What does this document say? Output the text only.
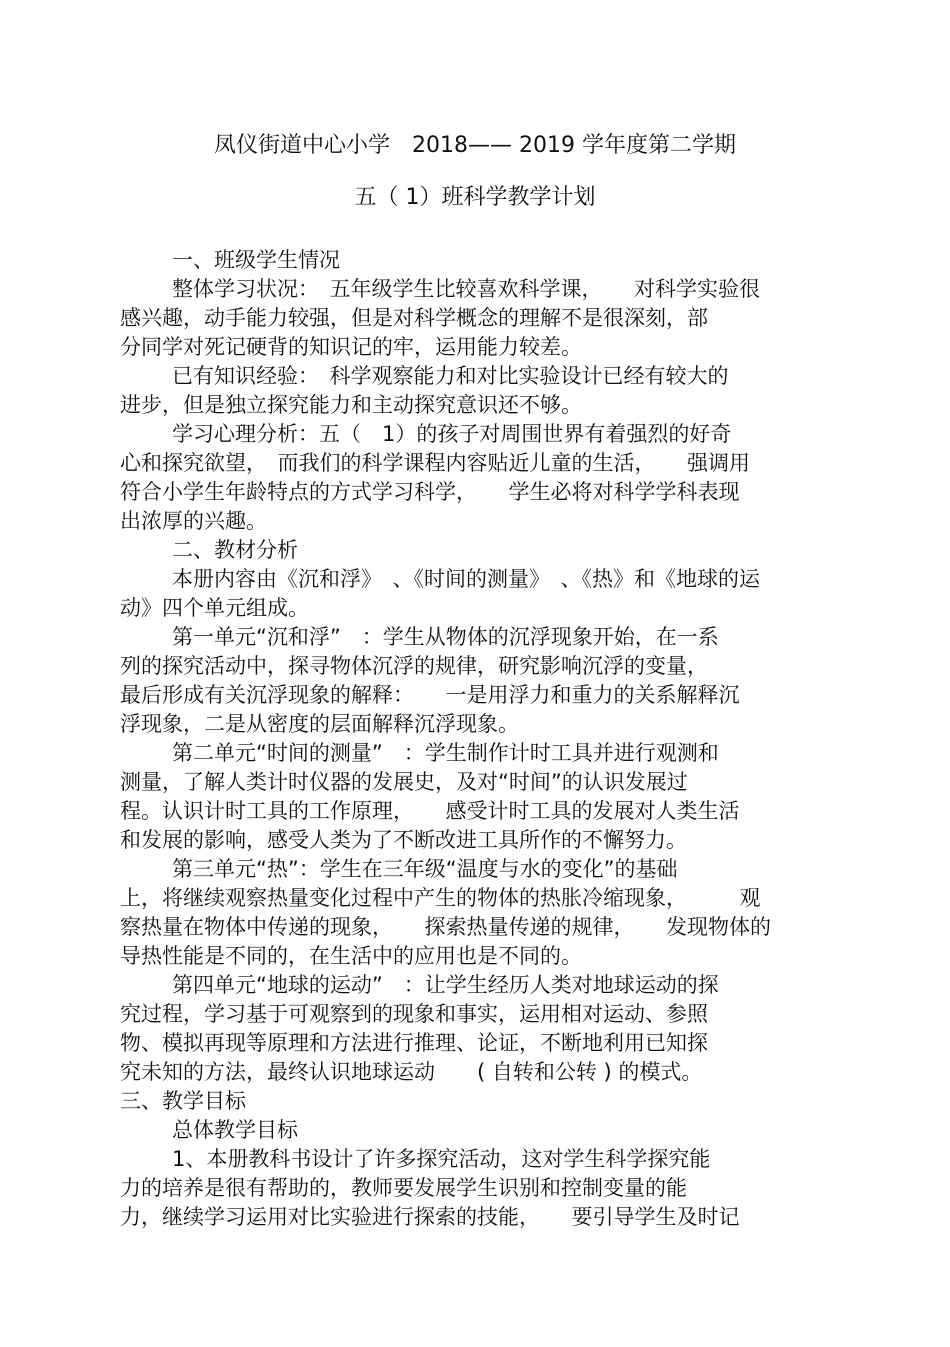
凤仪街道中心小学　2018—— 2019 学年度第二学期
五（ 1）班科学教学计划
一、班级学生情况
整体学习状况：　五年级学生比较喜欢科学课，　　对科学实验很
感兴趣，动手能力较强，但是对科学概念的理解不是很深刻，部
分同学对死记硬背的知识记的牢，运用能力较差。
已有知识经验：　科学观察能力和对比实验设计已经有较大的
进步，但是独立探究能力和主动探究意识还不够。
学习心理分析：五（　1）的孩子对周围世界有着强烈的好奇
心和探究欲望，　而我们的科学课程内容贴近儿童的生活，　　强调用
符合小学生年龄特点的方式学习科学，　　学生必将对科学学科表现
出浓厚的兴趣。
二、教材分析
本册内容由《沉和浮》　、《时间的测量》　、《热》和《地球的运
动》四个单元组成。
第一单元“沉和浮”　：学生从物体的沉浮现象开始，在一系
列的探究活动中，探寻物体沉浮的规律，研究影响沉浮的变量，
最后形成有关沉浮现象的解释：　　一是用浮力和重力的关系解释沉
浮现象，二是从密度的层面解释沉浮现象。
第二单元“时间的测量”　：学生制作计时工具并进行观测和
测量，了解人类计时仪器的发展史，及对“时间”的认识发展过
程。认识计时工具的工作原理，　　感受计时工具的发展对人类生活
和发展的影响，感受人类为了不断改进工具所作的不懈努力。
第三单元“热”：学生在三年级“温度与水的变化”的基础
上，将继续观察热量变化过程中产生的物体的热胀冷缩现象，　　　观
察热量在物体中传递的现象，　　探索热量传递的规律，　　发现物体的
导热性能是不同的，在生活中的应用也是不同的。
第四单元“地球的运动”　：让学生经历人类对地球运动的探
究过程，学习基于可观察到的现象和事实，运用相对运动、参照
物、模拟再现等原理和方法进行推理、论证，不断地利用已知探
究未知的方法，最终认识地球运动　　( 自转和公转 ) 的模式。
三、教学目标
总体教学目标
1、本册教科书设计了许多探究活动，这对学生科学探究能
力的培养是很有帮助的，教师要发展学生识别和控制变量的能
力，继续学习运用对比实验进行探索的技能，　　要引导学生及时记
